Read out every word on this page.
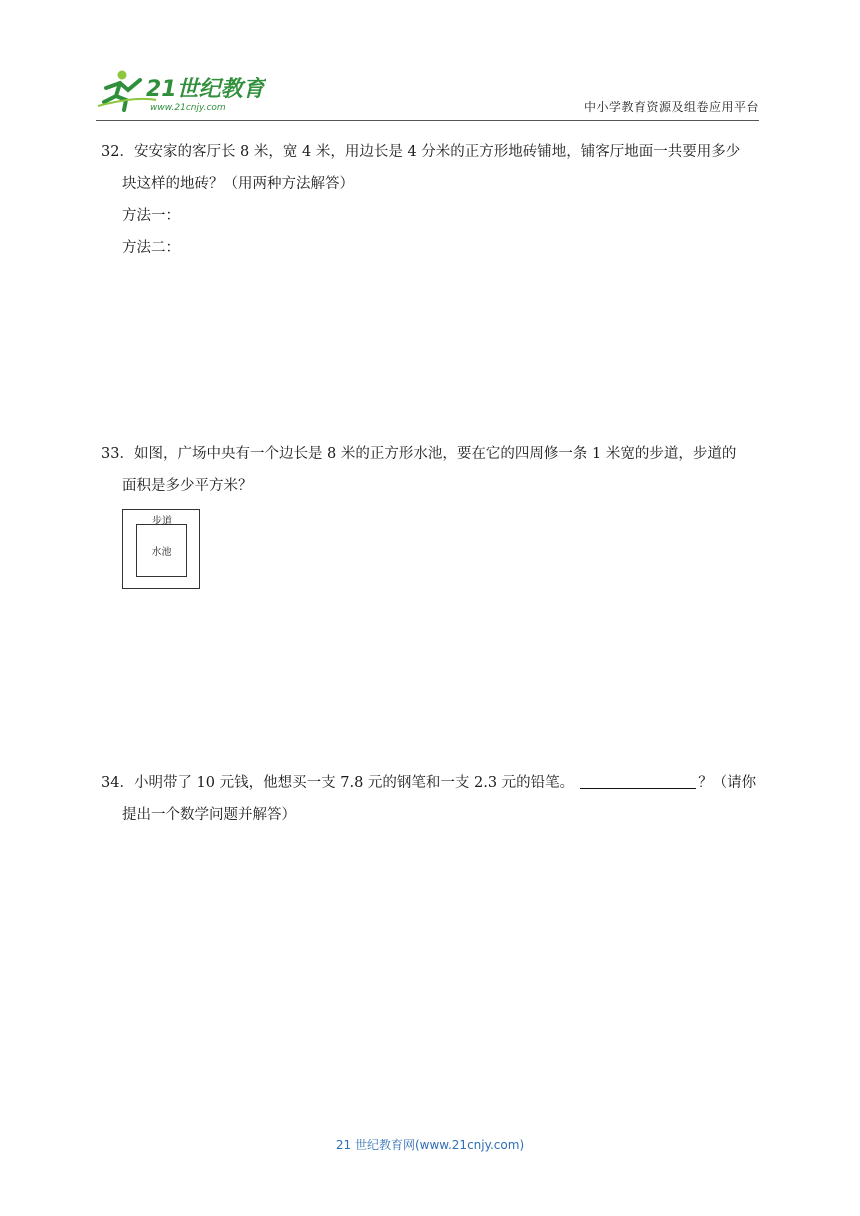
21世纪教育
www.21cnjy.com	中小学教育资源及组卷应用平台
32．安安家的客厅长 8 米，宽 4 米，用边长是 4 分米的正方形地砖铺地，铺客厅地面一共要用多少
块这样的地砖？（用两种方法解答）
方法一：
方法二：
33．如图，广场中央有一个边长是 8 米的正方形水池，要在它的四周修一条 1 米宽的步道，步道的
面积是多少平方米？
步道
水池
34．小明带了 10 元钱，他想买一支 7.8 元的钢笔和一支 2.3 元的铅笔。	？（请你
提出一个数学问题并解答）
21 世纪教育网(www.21cnjy.com)
